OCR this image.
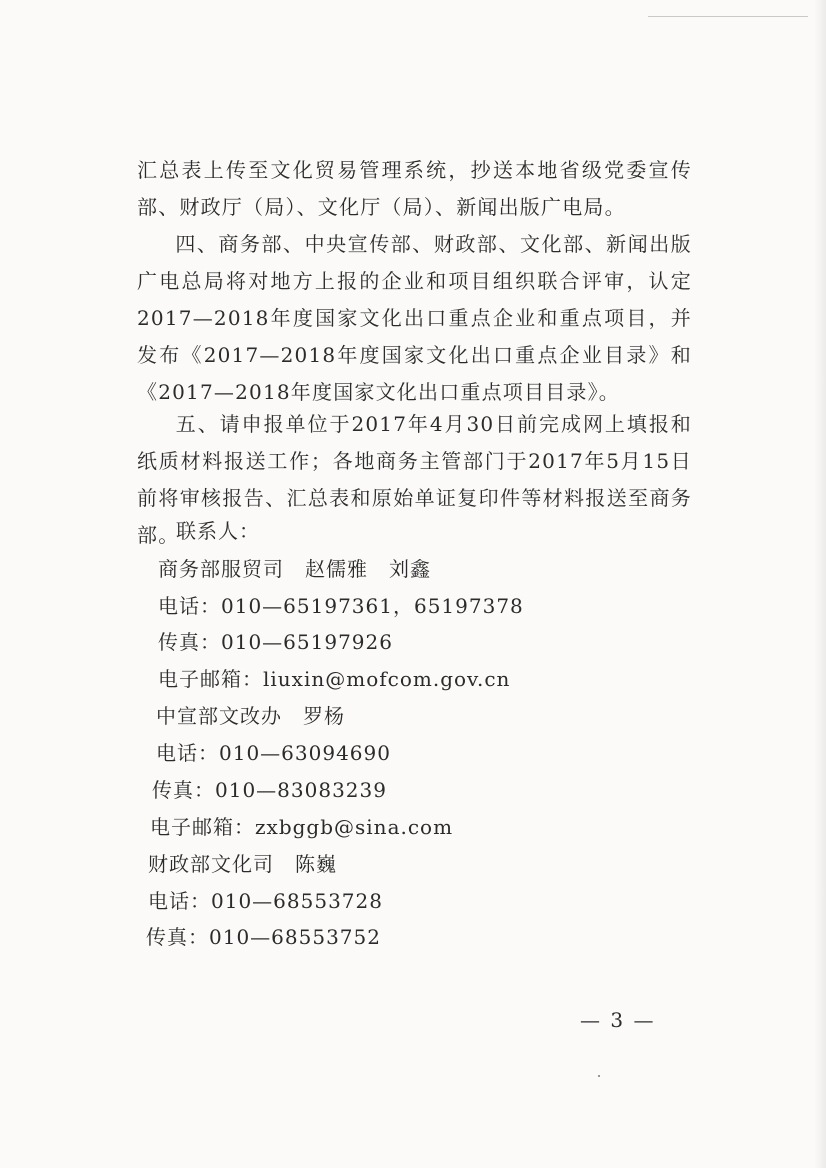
汇总表上传至文化贸易管理系统，抄送本地省级党委宣传部、财政厅（局）、文化厅（局）、新闻出版广电局。

四、商务部、中央宣传部、财政部、文化部、新闻出版广电总局将对地方上报的企业和项目组织联合评审，认定2017—2018年度国家文化出口重点企业和重点项目，并发布《2017—2018年度国家文化出口重点企业目录》和《2017—2018年度国家文化出口重点项目目录》。

五、请申报单位于2017年4月30日前完成网上填报和纸质材料报送工作；各地商务主管部门于2017年5月15日前将审核报告、汇总表和原始单证复印件等材料报送至商务部。

联系人：
商务部服贸司　赵儒雅　刘鑫
电话：010—65197361，65197378
传真：010—65197926
电子邮箱：liuxin@mofcom.gov.cn
中宣部文改办　罗杨
电话：010—63094690
传真：010—83083239
电子邮箱：zxbggb@sina.com
财政部文化司　陈巍
电话：010—68553728
传真：010—68553752
— 3 —
